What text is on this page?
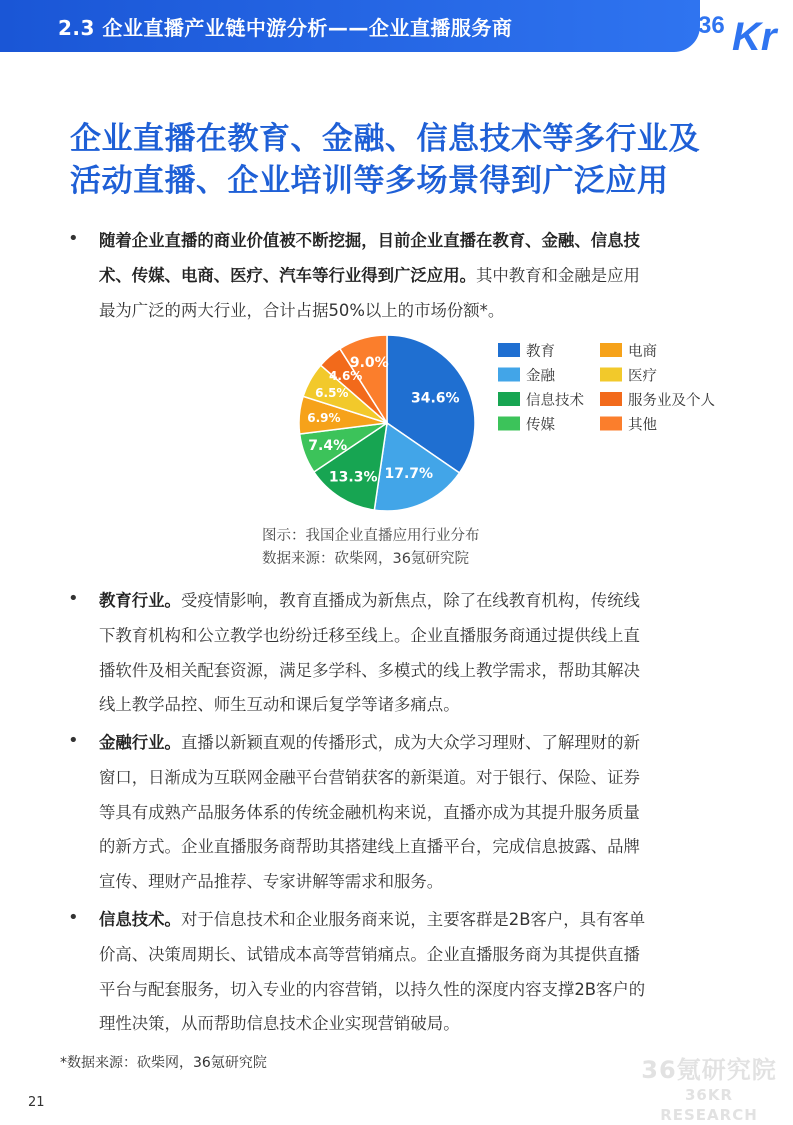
2.3 企业直播产业链中游分析——企业直播服务商	36 Kr
企业直播在教育、金融、信息技术等多行业及
活动直播、企业培训等多场景得到广泛应用
• 随着企业直播的商业价值被不断挖掘，目前企业直播在教育、金融、信息技
术、传媒、电商、医疗、汽车等行业得到广泛应用。其中教育和金融是应用
最为广泛的两大行业，合计占据50%以上的市场份额*。
34.6%
17.7%
13.3%
7.4%
6.9%
6.5%
4.6%
9.0%
教育
金融
信息技术
传媒
电商
医疗
服务业及个人
其他
图示：我国企业直播应用行业分布
数据来源：砍柴网，36氪研究院
• 教育行业。受疫情影响，教育直播成为新焦点，除了在线教育机构，传统线
下教育机构和公立教学也纷纷迁移至线上。企业直播服务商通过提供线上直
播软件及相关配套资源，满足多学科、多模式的线上教学需求，帮助其解决
线上教学品控、师生互动和课后复学等诸多痛点。
• 金融行业。直播以新颖直观的传播形式，成为大众学习理财、了解理财的新
窗口，日渐成为互联网金融平台营销获客的新渠道。对于银行、保险、证券
等具有成熟产品服务体系的传统金融机构来说，直播亦成为其提升服务质量
的新方式。企业直播服务商帮助其搭建线上直播平台，完成信息披露、品牌
宣传、理财产品推荐、专家讲解等需求和服务。
• 信息技术。对于信息技术和企业服务商来说，主要客群是2B客户，具有客单
价高、决策周期长、试错成本高等营销痛点。企业直播服务商为其提供直播
平台与配套服务，切入专业的内容营销，以持久性的深度内容支撑2B客户的
理性决策，从而帮助信息技术企业实现营销破局。
*数据来源：砍柴网，36氪研究院
21
36氪研究院
36KR RESEARCH
